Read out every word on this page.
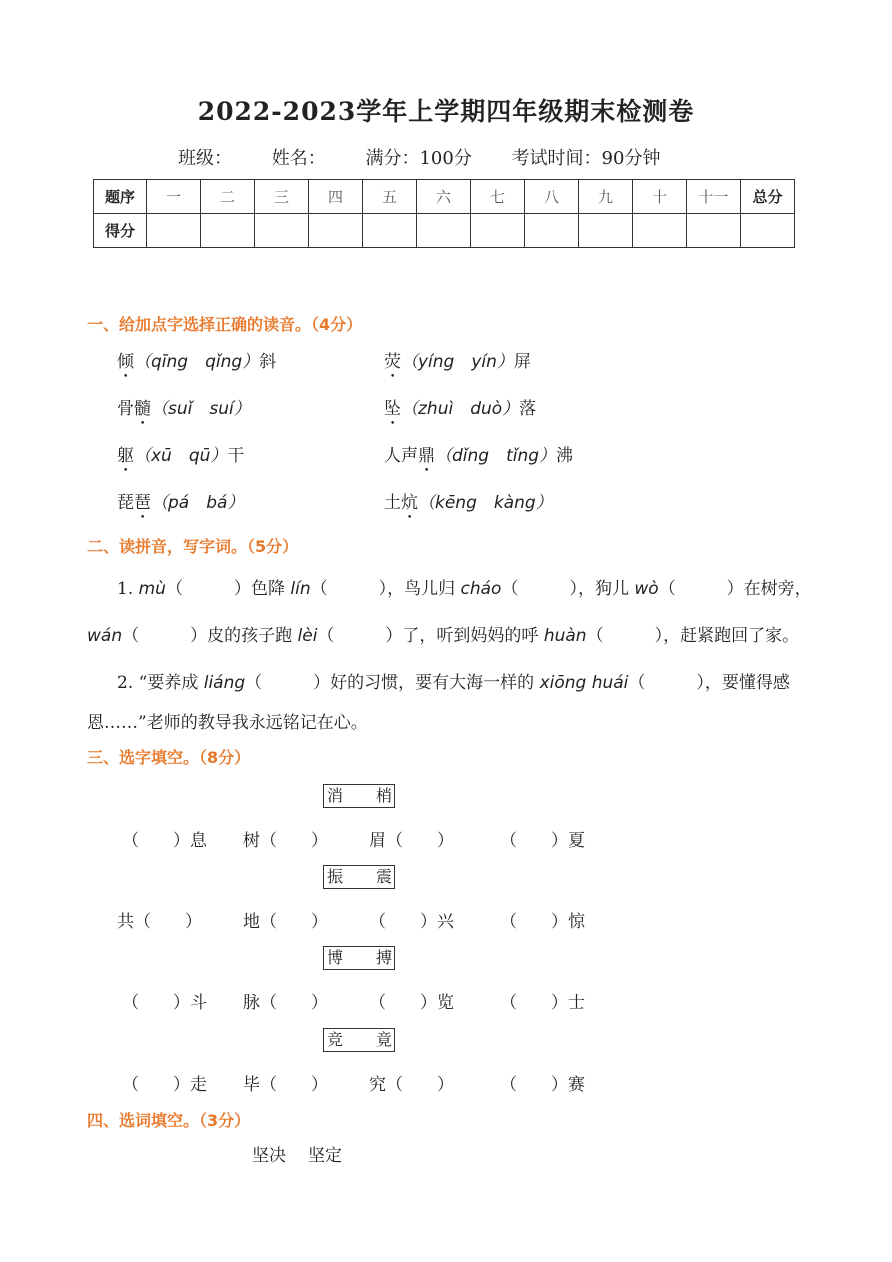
2022-2023学年上学期四年级期末检测卷
班级： 姓名： 满分：100分 考试时间：90分钟
题序	一	二	三	四	五	六	七	八	九	十	十一	总分
得分												
一、给加点字选择正确的读音。（4分）
倾（qīng　qǐng）斜	荧（yíng　yín）屏
骨髓（suǐ　suí）	坠（zhuì　duò）落
躯（xū　qū）干	人声鼎（dǐng　tǐng）沸
琵琶（pá　bá）	土炕（kēng　kàng）
二、读拼音，写字词。（5分）
1. mù（　　　）色降 lín（　　　），鸟儿归 cháo（　　　），狗儿 wò（　　　）在树旁，
wán（　　　）皮的孩子跑 lèi（　　　）了，听到妈妈的呼 huàn（　　　），赶紧跑回了家。
2. “要养成 liáng（　　　）好的习惯，要有大海一样的 xiōng huái（　　　），要懂得感
恩……”老师的教导我永远铭记在心。
三、选字填空。（8分）
消 梢
（　　）息 树（　　） 眉（　　）	（　　）夏
振 震
共（　　） 地（　　） （　　）兴	（　　）惊
博 搏
（　　）斗 脉（　　） （　　）览	（　　）士
竞 竟
（　　）走 毕（　　） 究（　　）	（　　）赛
四、选词填空。（3分）
坚决 坚定
